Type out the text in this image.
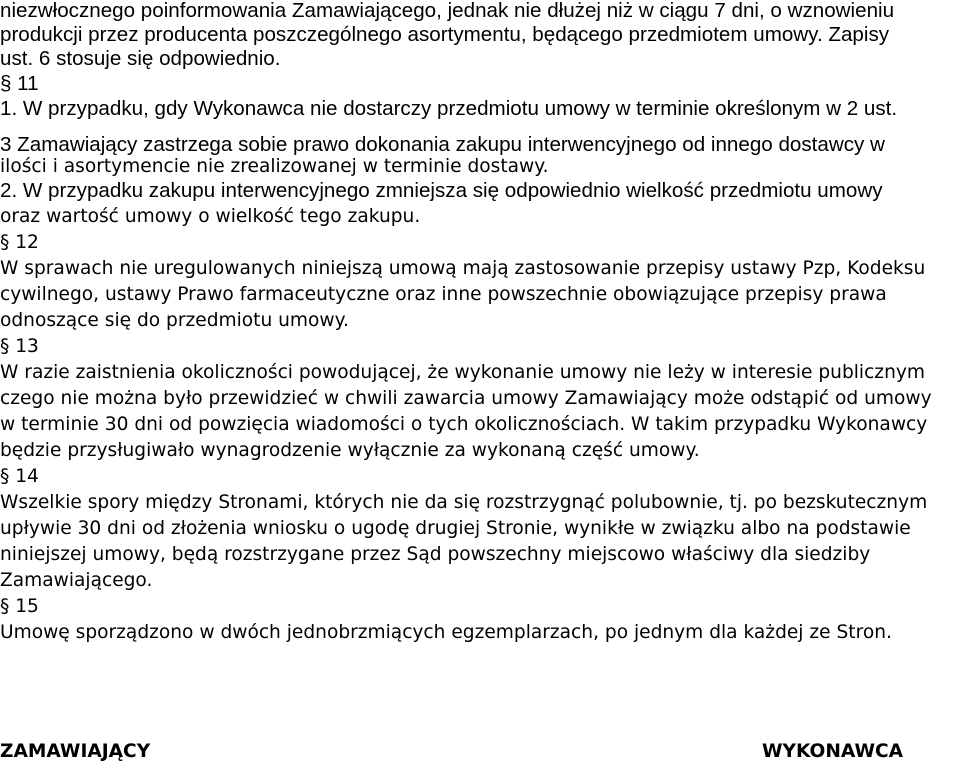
niezwłocznego poinformowania Zamawiającego, jednak nie dłużej niż w ciągu 7 dni, o wznowieniu
produkcji przez producenta poszczególnego asortymentu, będącego przedmiotem umowy. Zapisy
ust. 6 stosuje się odpowiednio.
§ 11
1. W przypadku, gdy Wykonawca nie dostarczy przedmiotu umowy w terminie określonym w 2 ust.
3 Zamawiający zastrzega sobie prawo dokonania zakupu interwencyjnego od innego dostawcy w
ilości i asortymencie nie zrealizowanej w terminie dostawy.
2. W przypadku zakupu interwencyjnego zmniejsza się odpowiednio wielkość przedmiotu umowy
oraz wartość umowy o wielkość tego zakupu.
§ 12
W sprawach nie uregulowanych niniejszą umową mają zastosowanie przepisy ustawy Pzp, Kodeksu
cywilnego, ustawy Prawo farmaceutyczne oraz inne powszechnie obowiązujące przepisy prawa
odnoszące się do przedmiotu umowy.
§ 13
W razie zaistnienia okoliczności powodującej, że wykonanie umowy nie leży w interesie publicznym
czego nie można było przewidzieć w chwili zawarcia umowy Zamawiający może odstąpić od umowy
w terminie 30 dni od powzięcia wiadomości o tych okolicznościach. W takim przypadku Wykonawcy
będzie przysługiwało wynagrodzenie wyłącznie za wykonaną część umowy.
§ 14
Wszelkie spory między Stronami, których nie da się rozstrzygnąć polubownie, tj. po bezskutecznym
upływie 30 dni od złożenia wniosku o ugodę drugiej Stronie, wynikłe w związku albo na podstawie
niniejszej umowy, będą rozstrzygane przez Sąd powszechny miejscowo właściwy dla siedziby
Zamawiającego.
§ 15
Umowę sporządzono w dwóch jednobrzmiących egzemplarzach, po jednym dla każdej ze Stron.
ZAMAWIAJĄCY	WYKONAWCA
